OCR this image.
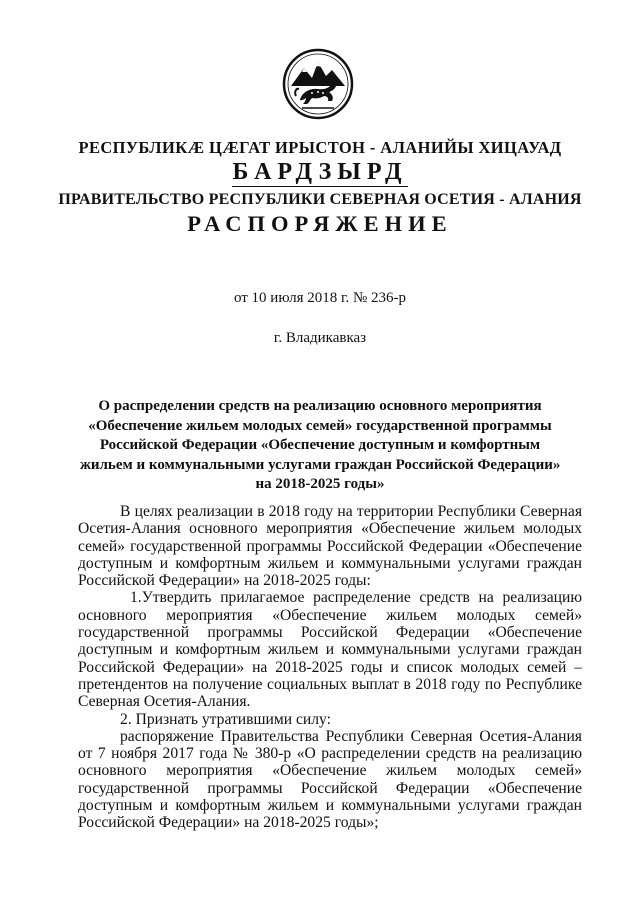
РЕСПУБЛИКӔ ЦӔГАТ ИРЫСТОН - АЛАНИЙЫ ХИЦАУАД
БАРДЗЫРД
ПРАВИТЕЛЬСТВО РЕСПУБЛИКИ СЕВЕРНАЯ ОСЕТИЯ - АЛАНИЯ
РАСПОРЯЖЕНИЕ
от 10 июля 2018 г. № 236-р
г. Владикавказ
О распределении средств на реализацию основного мероприятия
«Обеспечение жильем молодых семей» государственной программы
Российской Федерации «Обеспечение доступным и комфортным
жильем и коммунальными услугами граждан Российской Федерации»
на 2018-2025 годы»
В целях реализации в 2018 году на территории Республики Северная
Осетия-Алания основного мероприятия «Обеспечение жильем молодых
семей» государственной программы Российской Федерации «Обеспечение
доступным и комфортным жильем и коммунальными услугами граждан
Российской Федерации» на 2018-2025 годы:
1.Утвердить прилагаемое распределение средств на реализацию
основного мероприятия «Обеспечение жильем молодых семей»
государственной программы Российской Федерации «Обеспечение
доступным и комфортным жильем и коммунальными услугами граждан
Российской Федерации» на 2018-2025 годы и список молодых семей –
претендентов на получение социальных выплат в 2018 году по Республике
Северная Осетия-Алания.
2. Признать утратившими силу:
распоряжение Правительства Республики Северная Осетия-Алания
от 7 ноября 2017 года № 380-р «О распределении средств на реализацию
основного мероприятия «Обеспечение жильем молодых семей»
государственной программы Российской Федерации «Обеспечение
доступным и комфортным жильем и коммунальными услугами граждан
Российской Федерации» на 2018-2025 годы»;
